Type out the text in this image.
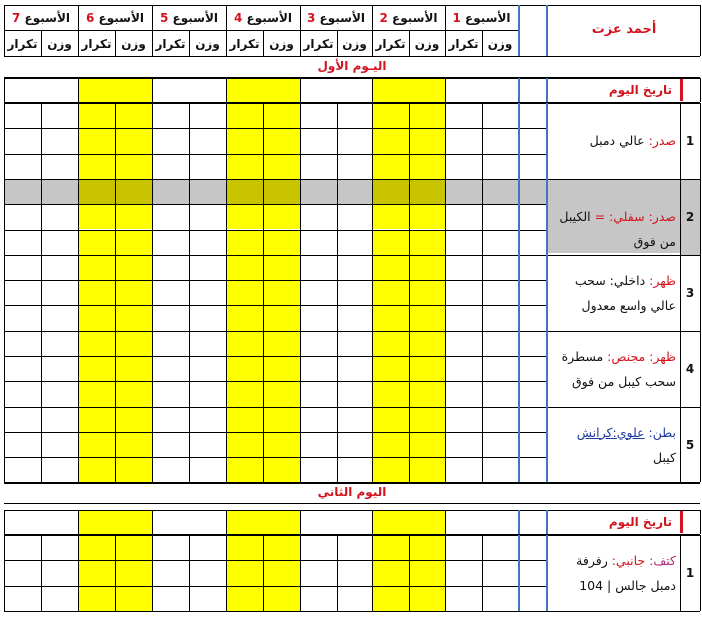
الأسبوع 1
الأسبوع 2
الأسبوع 3
الأسبوع 4
الأسبوع 5
الأسبوع 6
الأسبوع 7
تكرار وزن تكرار وزن تكرار وزن تكرار وزن تكرار وزن تكرار وزن تكرار وزن
أحمد عزت
اليـوم الأول
تاريخ اليوم
صدر: عالي دمبل	1
صدر: سفلي: = الكيبل
من فوق
2
ظهر: داخلي: سحب
عالي واسع معدول
3
ظهر: مجنص: مسطرة
سحب كيبل من فوق
4
بطن: علوي:كرانش
كيبل
5
اليوم الثاني
تاريخ اليوم
كتف: جانبي: رفرفة
دمبل جالس | 104
1
